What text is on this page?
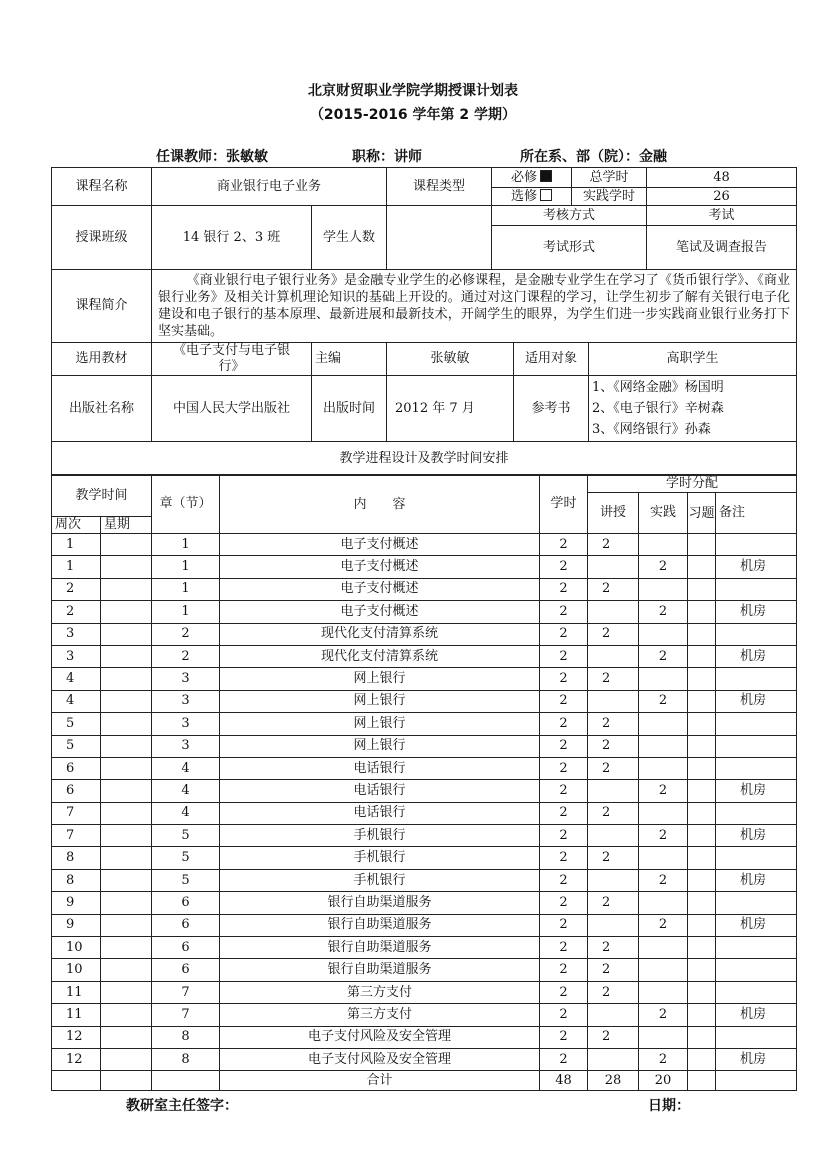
北京财贸职业学院学期授课计划表
（2015-2016 学年第 2 学期）
任课教师：张敏敏	职称：讲师	所在系、部（院）：金融
课程名称	商业银行电子业务		课程类型	必修	总学时	48
				选修	实践学时	26
授课班级	14 银行 2、3 班	学生人数		考核方式		考试
				考试形式		笔试及调查报告
课程简介	《商业银行电子银行业务》是金融专业学生的必修课程，是金融专业学生在学习了《货币银行学》、《商业银行业务》及相关计算机理论知识的基础上开设的。通过对这门课程的学习，让学生初步了解有关银行电子化建设和电子银行的基本原理、最新进展和最新技术，开阔学生的眼界，为学生们进一步实践商业银行业务打下坚实基础。					
选用教材	《电子支付与电子银行》	主编	张敏敏	适用对象	高职学生
出版社名称	中国人民大学出版社	出版时间	2012 年 7 月	参考书	1、《网络金融》杨国明
2、《电子银行》辛树森
3、《网络银行》孙森

教学进程设计及教学时间安排					
教学时间		章（节）	内　　容	学时	学时分配			
					讲授	实践	习题	备注
周次	星期							
1		1	电子支付概述	2	2			
1		1	电子支付概述	2		2		机房
2		1	电子支付概述	2	2			
2		1	电子支付概述	2		2		机房
3		2	现代化支付清算系统	2	2			
3		2	现代化支付清算系统	2		2		机房
4		3	网上银行	2	2			
4		3	网上银行	2		2		机房
5		3	网上银行	2	2			
5		3	网上银行	2	2			
6		4	电话银行	2	2			
6		4	电话银行	2		2		机房
7		4	电话银行	2	2			
7		5	手机银行	2		2		机房
8		5	手机银行	2	2			
8		5	手机银行	2		2		机房
9		6	银行自助渠道服务	2	2			
9		6	银行自助渠道服务	2		2		机房
10		6	银行自助渠道服务	2	2			
10		6	银行自助渠道服务	2	2			
11		7	第三方支付	2	2			
11		7	第三方支付	2		2		机房
12		8	电子支付风险及安全管理	2	2			
12		8	电子支付风险及安全管理	2		2		机房
			合计	48	28	20		
教研室主任签字：	日期：
